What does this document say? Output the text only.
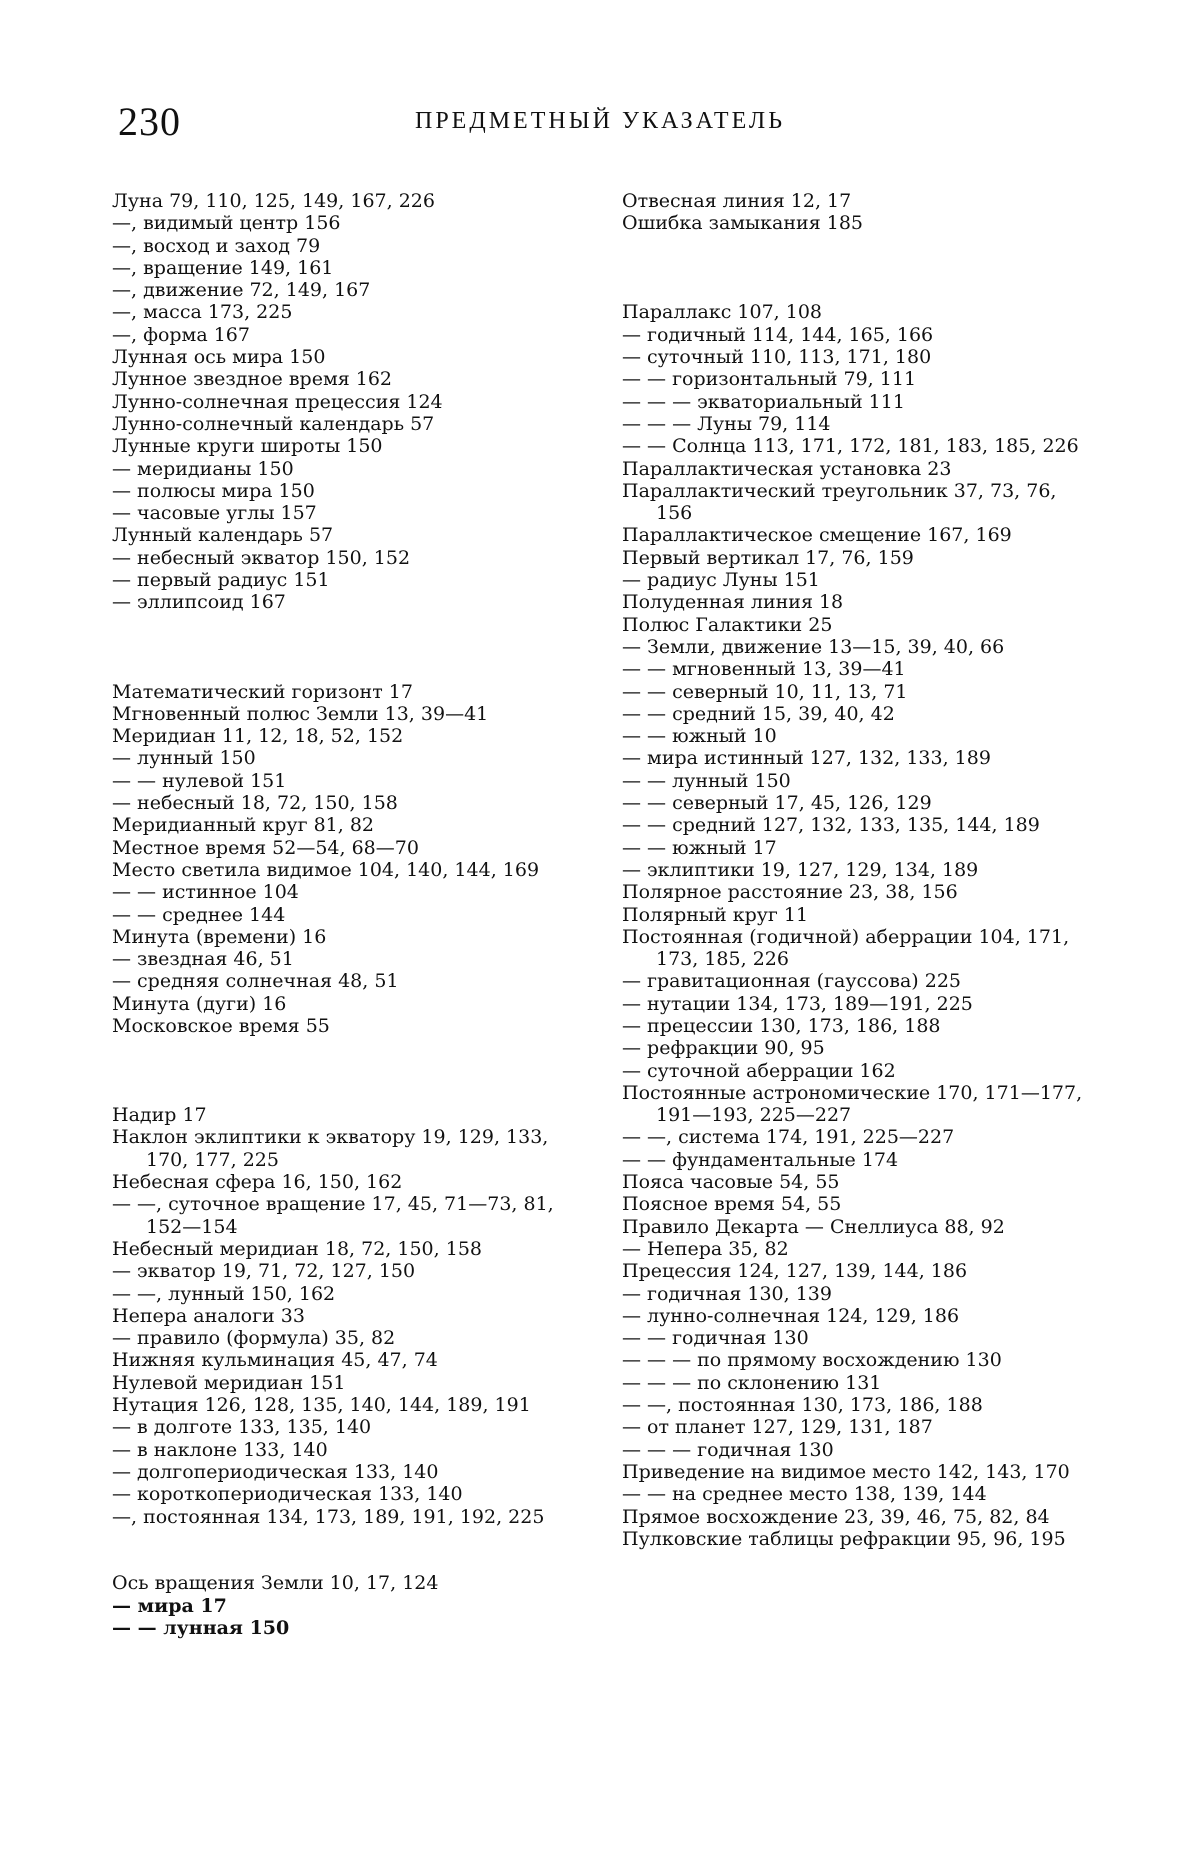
230	ПРЕДМЕТНЫЙ УКАЗАТЕЛЬ
Луна 79, 110, 125, 149, 167, 226
—, видимый центр 156
—, восход и заход 79
—, вращение 149, 161
—, движение 72, 149, 167
—, масса 173, 225
—, форма 167
Лунная ось мира 150
Лунное звездное время 162
Лунно-солнечная прецессия 124
Лунно-солнечный календарь 57
Лунные круги широты 150
— меридианы 150
— полюсы мира 150
— часовые углы 157
Лунный календарь 57
— небесный экватор 150, 152
— первый радиус 151
— эллипсоид 167
Математический горизонт 17
Мгновенный полюс Земли 13, 39—41
Меридиан 11, 12, 18, 52, 152
— лунный 150
— — нулевой 151
— небесный 18, 72, 150, 158
Меридианный круг 81, 82
Местное время 52—54, 68—70
Место светила видимое 104, 140, 144, 169
— — истинное 104
— — среднее 144
Минута (времени) 16
— звездная 46, 51
— средняя солнечная 48, 51
Минута (дуги) 16
Московское время 55
Надир 17
Наклон эклиптики к экватору 19, 129, 133, 170, 177, 225
Небесная сфера 16, 150, 162
— —, суточное вращение 17, 45, 71—73, 81, 152—154
Небесный меридиан 18, 72, 150, 158
— экватор 19, 71, 72, 127, 150
— —, лунный 150, 162
Непера аналоги 33
— правило (формула) 35, 82
Нижняя кульминация 45, 47, 74
Нулевой меридиан 151
Нутация 126, 128, 135, 140, 144, 189, 191
— в долготе 133, 135, 140
— в наклоне 133, 140
— долгопериодическая 133, 140
— короткопериодическая 133, 140
—, постоянная 134, 173, 189, 191, 192, 225
Ось вращения Земли 10, 17, 124
— мира 17
— — лунная 150
Отвесная линия 12, 17
Ошибка замыкания 185
Параллакс 107, 108
— годичный 114, 144, 165, 166
— суточный 110, 113, 171, 180
— — горизонтальный 79, 111
— — — экваториальный 111
— — — Луны 79, 114
— — Солнца 113, 171, 172, 181, 183, 185, 226
Параллактическая установка 23
Параллактический треугольник 37, 73, 76, 156
Параллактическое смещение 167, 169
Первый вертикал 17, 76, 159
— радиус Луны 151
Полуденная линия 18
Полюс Галактики 25
— Земли, движение 13—15, 39, 40, 66
— — мгновенный 13, 39—41
— — северный 10, 11, 13, 71
— — средний 15, 39, 40, 42
— — южный 10
— мира истинный 127, 132, 133, 189
— — лунный 150
— — северный 17, 45, 126, 129
— — средний 127, 132, 133, 135, 144, 189
— — южный 17
— эклиптики 19, 127, 129, 134, 189
Полярное расстояние 23, 38, 156
Полярный круг 11
Постоянная (годичной) аберрации 104, 171, 173, 185, 226
— гравитационная (гауссова) 225
— нутации 134, 173, 189—191, 225
— прецессии 130, 173, 186, 188
— рефракции 90, 95
— суточной аберрации 162
Постоянные астрономические 170, 171—177, 191—193, 225—227
— —, система 174, 191, 225—227
— — фундаментальные 174
Пояса часовые 54, 55
Поясное время 54, 55
Правило Декарта — Снеллиуса 88, 92
— Непера 35, 82
Прецессия 124, 127, 139, 144, 186
— годичная 130, 139
— лунно-солнечная 124, 129, 186
— — годичная 130
— — — по прямому восхождению 130
— — — по склонению 131
— —, постоянная 130, 173, 186, 188
— от планет 127, 129, 131, 187
— — — годичная 130
Приведение на видимое место 142, 143, 170
— — на среднее место 138, 139, 144
Прямое восхождение 23, 39, 46, 75, 82, 84
Пулковские таблицы рефракции 95, 96, 195
